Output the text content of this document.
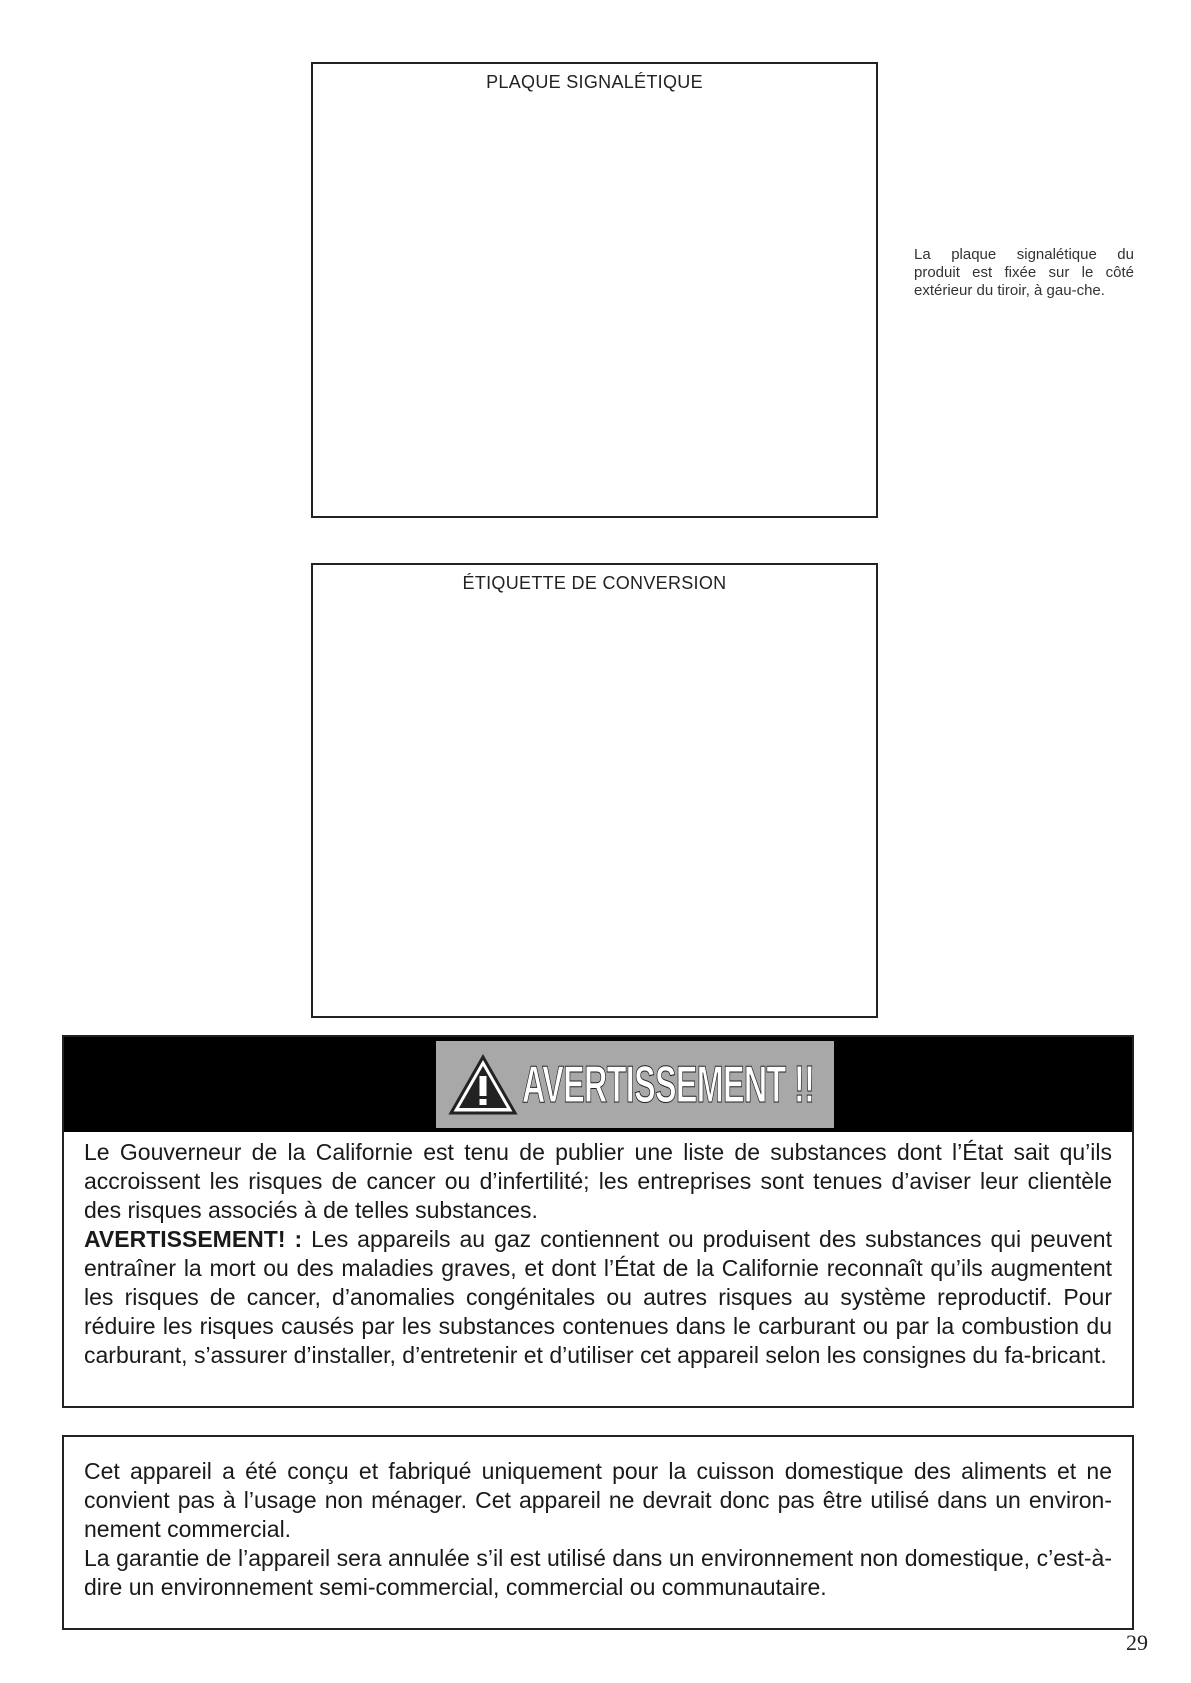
PLAQUE SIGNALÉTIQUE
La plaque signalétique du produit est fixée sur le côté extérieur du tiroir, à gau-che.
ÉTIQUETTE DE CONVERSION
AVERTISSEMENT !!

Le Gouverneur de la Californie est tenu de publier une liste de substances dont l’État sait qu’ils accroissent les risques de cancer ou d’infertilité; les entreprises sont tenues d’aviser leur clientèle des risques associés à de telles substances.

AVERTISSEMENT! : Les appareils au gaz contiennent ou produisent des substances qui peuvent entraîner la mort ou des maladies graves, et dont l’État de la Californie reconnaît qu’ils augmentent les risques de cancer, d’anomalies congénitales ou autres risques au système reproductif. Pour réduire les risques causés par les substances contenues dans le carburant ou par la combustion du carburant, s’assurer d’installer, d’entretenir et d’utiliser cet appareil selon les consignes du fa-bricant.

Cet appareil a été conçu et fabriqué uniquement pour la cuisson domestique des aliments et ne convient pas à l’usage non ménager. Cet appareil ne devrait donc pas être utilisé dans un environ-nement commercial.

La garantie de l’appareil sera annulée s’il est utilisé dans un environnement non domestique, c’est-à-dire un environnement semi-commercial, commercial ou communautaire.

29
